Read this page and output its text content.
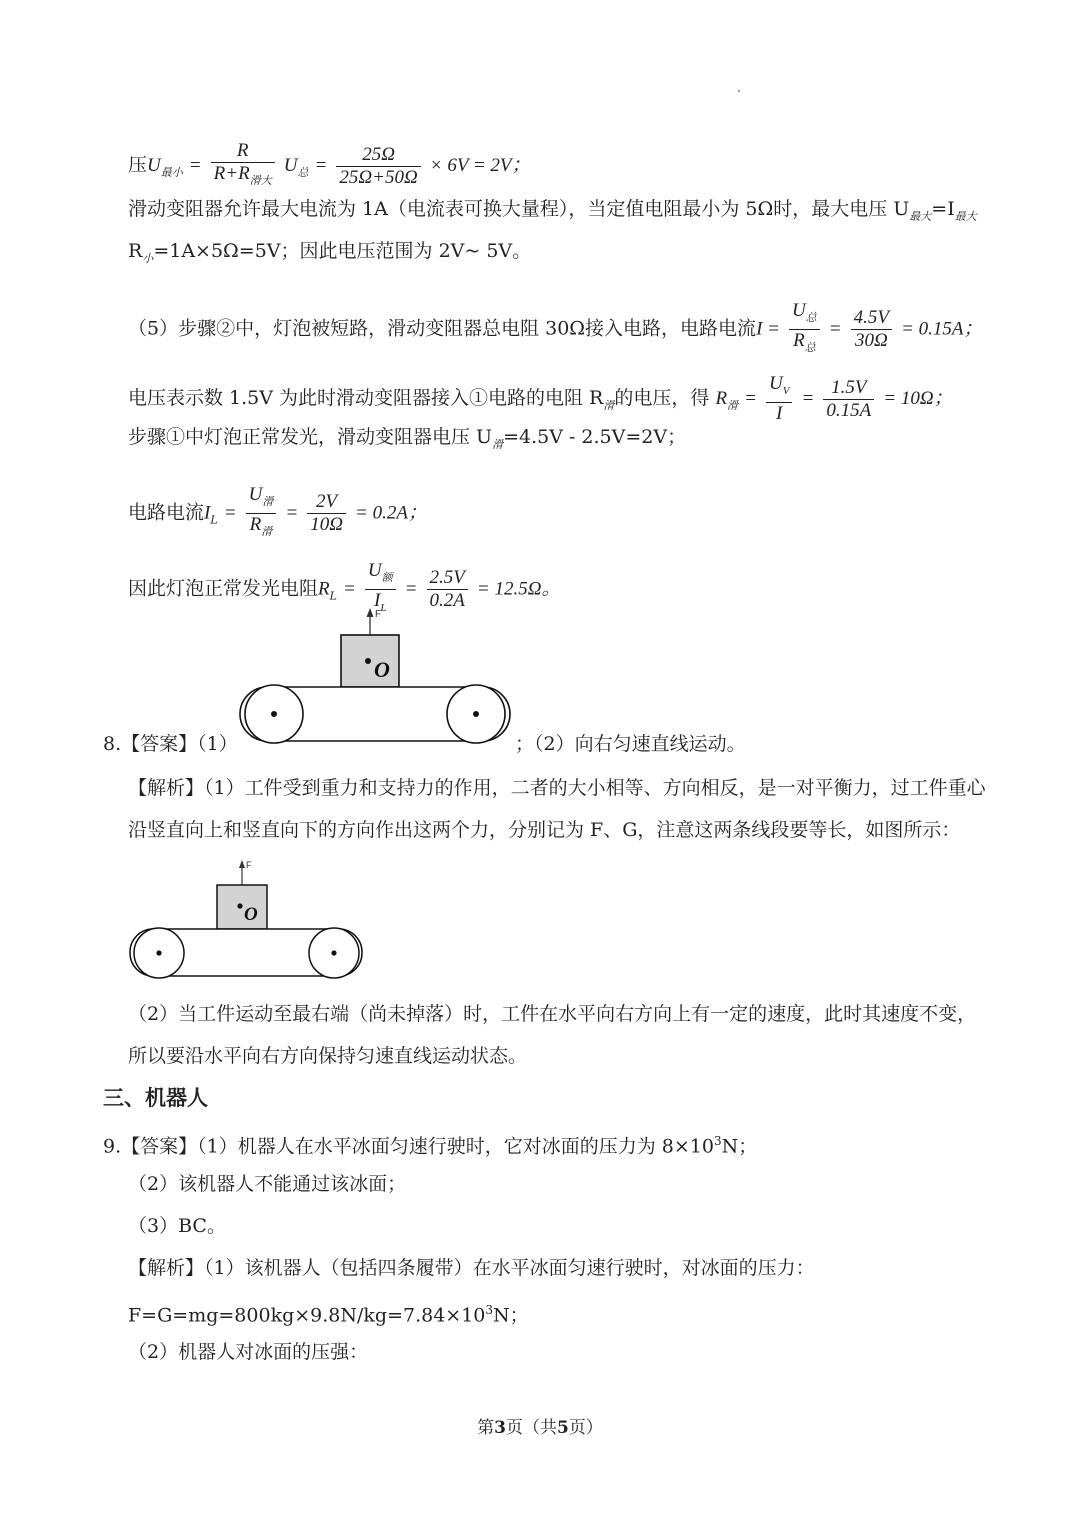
压$U_{最小} = \frac{R}{R+R_{滑大}} U_总 = \frac{25\Omega}{25\Omega+50\Omega} \times 6V = 2V$；
滑动变阻器允许最大电流为 1A（电流表可换大量程），当定值电阻最小为 5Ω时，最大电压 $U_{最大}=I_{最大}$
$R_小=1A\times 5\Omega=5V$；因此电压范围为 2V~ 5V。
（5）步骤②中，灯泡被短路，滑动变阻器总电阻 30Ω接入电路，电路电流$I = \frac{U_总}{R_总} = \frac{4.5V}{30\Omega} = 0.15A$；
电压表示数 1.5V 为此时滑动变阻器接入①电路的电阻 $R_滑$的电压，得 $R_滑 = \frac{U_V}{I} = \frac{1.5V}{0.15A} = 10\Omega$；
步骤①中灯泡正常发光，滑动变阻器电压 $U_滑=4.5V - 2.5V=2V$；
电路电流$I_L = \frac{U_滑}{R_滑} = \frac{2V}{10\Omega} = 0.2A$；
因此灯泡正常发光电阻$R_L = \frac{U_额}{I_L} = \frac{2.5V}{0.2A} = 12.5\Omega$。
F
O
8.【答案】（1）	；（2）向右匀速直线运动。
【解析】（1）工件受到重力和支持力的作用，二者的大小相等、方向相反，是一对平衡力，过工件重心
沿竖直向上和竖直向下的方向作出这两个力，分别记为 F、G，注意这两条线段要等长，如图所示：
F
O
（2）当工件运动至最右端（尚未掉落）时，工件在水平向右方向上有一定的速度，此时其速度不变，
所以要沿水平向右方向保持匀速直线运动状态。
三、机器人
9.【答案】（1）机器人在水平冰面匀速行驶时，它对冰面的压力为 $8\times 10^3N$；
（2）该机器人不能通过该冰面；
（3）BC。
【解析】（1）该机器人（包括四条履带）在水平冰面匀速行驶时，对冰面的压力：
$F=G=mg=800kg\times 9.8N/kg=7.84\times 10^3N$；
（2）机器人对冰面的压强：
第3页（共5页）
